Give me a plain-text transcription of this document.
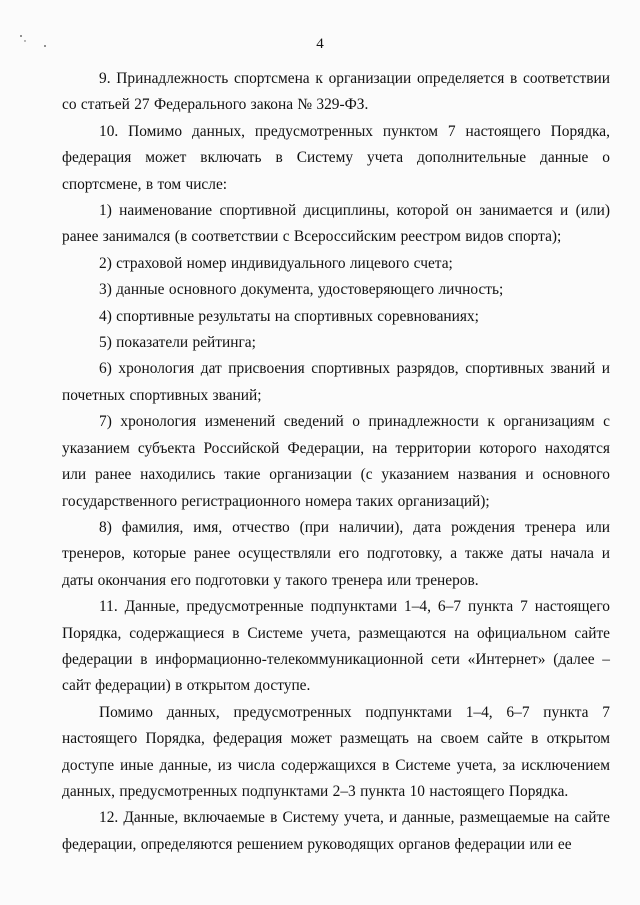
4

9. Принадлежность спортсмена к организации определяется в соответствии со статьей 27 Федерального закона № 329-ФЗ.

10. Помимо данных, предусмотренных пунктом 7 настоящего Порядка, федерация может включать в Систему учета дополнительные данные о спортсмене, в том числе:

1) наименование спортивной дисциплины, которой он занимается и (или) ранее занимался (в соответствии с Всероссийским реестром видов спорта);

2) страховой номер индивидуального лицевого счета;

3) данные основного документа, удостоверяющего личность;

4) спортивные результаты на спортивных соревнованиях;

5) показатели рейтинга;

6) хронология дат присвоения спортивных разрядов, спортивных званий и почетных спортивных званий;

7) хронология изменений сведений о принадлежности к организациям с указанием субъекта Российской Федерации, на территории которого находятся или ранее находились такие организации (с указанием названия и основного государственного регистрационного номера таких организаций);

8) фамилия, имя, отчество (при наличии), дата рождения тренера или тренеров, которые ранее осуществляли его подготовку, а также даты начала и даты окончания его подготовки у такого тренера или тренеров.

11. Данные, предусмотренные подпунктами 1–4, 6–7 пункта 7 настоящего Порядка, содержащиеся в Системе учета, размещаются на официальном сайте федерации в информационно-телекоммуникационной сети «Интернет» (далее – сайт федерации) в открытом доступе.

Помимо данных, предусмотренных подпунктами 1–4, 6–7 пункта 7 настоящего Порядка, федерация может размещать на своем сайте в открытом доступе иные данные, из числа содержащихся в Системе учета, за исключением данных, предусмотренных подпунктами 2–3 пункта 10 настоящего Порядка.

12. Данные, включаемые в Систему учета, и данные, размещаемые на сайте федерации, определяются решением руководящих органов федерации или ее
